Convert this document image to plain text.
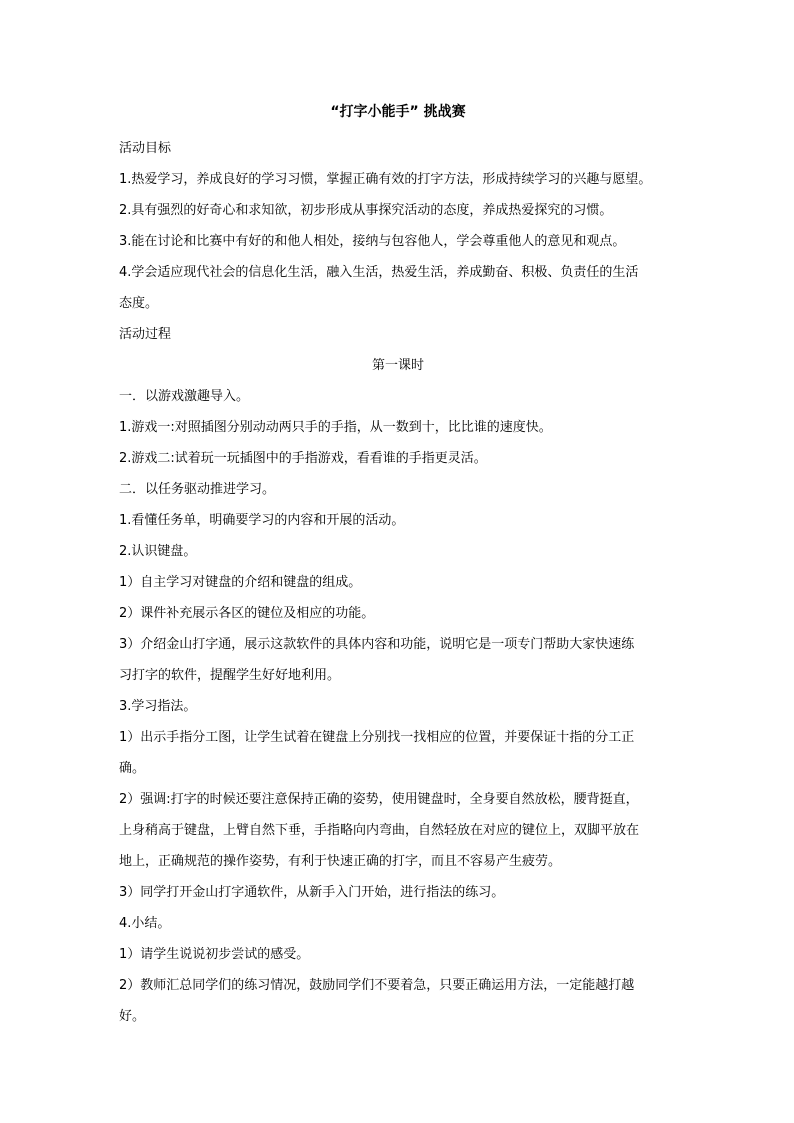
“打字小能手” 挑战赛

活动目标

1.热爱学习，养成良好的学习习惯，掌握正确有效的打字方法，形成持续学习的兴趣与愿望。

2.具有强烈的好奇心和求知欲，初步形成从事探究活动的态度，养成热爱探究的习惯。

3.能在讨论和比赛中有好的和他人相处，接纳与包容他人，学会尊重他人的意见和观点。

4.学会适应现代社会的信息化生活，融入生活，热爱生活，养成勤奋、积极、负责任的生活

态度。

活动过程

第一课时

一．以游戏激趣导入。

1.游戏一:对照插图分别动动两只手的手指，从一数到十，比比谁的速度快。

2.游戏二:试着玩一玩插图中的手指游戏，看看谁的手指更灵活。

二．以任务驱动推进学习。

1.看懂任务单，明确要学习的内容和开展的活动。

2.认识键盘。

1）自主学习对键盘的介绍和键盘的组成。

2）课件补充展示各区的键位及相应的功能。

3）介绍金山打字通，展示这款软件的具体内容和功能，说明它是一项专门帮助大家快速练

习打字的软件，提醒学生好好地利用。

3.学习指法。

1）出示手指分工图，让学生试着在键盘上分别找一找相应的位置，并要保证十指的分工正

确。

2）强调:打字的时候还要注意保持正确的姿势，使用键盘时，全身要自然放松，腰背挺直，

上身稍高于键盘，上臂自然下垂，手指略向内弯曲，自然轻放在对应的键位上，双脚平放在

地上，正确规范的操作姿势，有利于快速正确的打字，而且不容易产生疲劳。

3）同学打开金山打字通软件，从新手入门开始，进行指法的练习。

4.小结。

1）请学生说说初步尝试的感受。

2）教师汇总同学们的练习情况，鼓励同学们不要着急，只要正确运用方法，一定能越打越

好。
